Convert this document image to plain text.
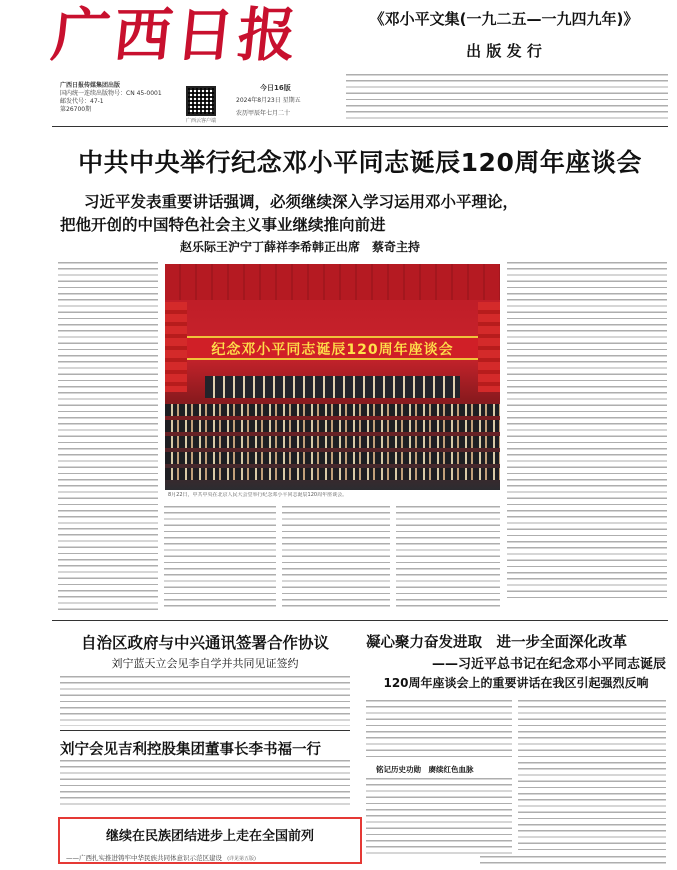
广西日报
广西日报传媒集团出版
国内统一连续出版物号：CN 45-0001
邮发代号：47-1
第26700期
广西云客户端
今日16版
2024年8月23日 星期五
农历甲辰年七月二十
《邓小平文集(一九二五—一九四九年)》
出 版 发 行
中共中央举行纪念邓小平同志诞辰120周年座谈会
习近平发表重要讲话强调，必须继续深入学习运用邓小平理论，
把他开创的中国特色社会主义事业继续推向前进
赵乐际王沪宁丁薛祥李希韩正出席　蔡奇主持
纪念邓小平同志诞辰120周年座谈会
8月22日，中共中央在北京人民大会堂举行纪念邓小平同志诞辰120周年座谈会。
自治区政府与中兴通讯签署合作协议
刘宁蓝天立会见李自学并共同见证签约
刘宁会见吉利控股集团董事长李书福一行
继续在民族团结进步上走在全国前列
——广西扎实推进铸牢中华民族共同体意识示范区建设 (详见第五版)
凝心聚力奋发进取　进一步全面深化改革
——习近平总书记在纪念邓小平同志诞辰
120周年座谈会上的重要讲话在我区引起强烈反响
铭记历史功勋　赓续红色血脉
